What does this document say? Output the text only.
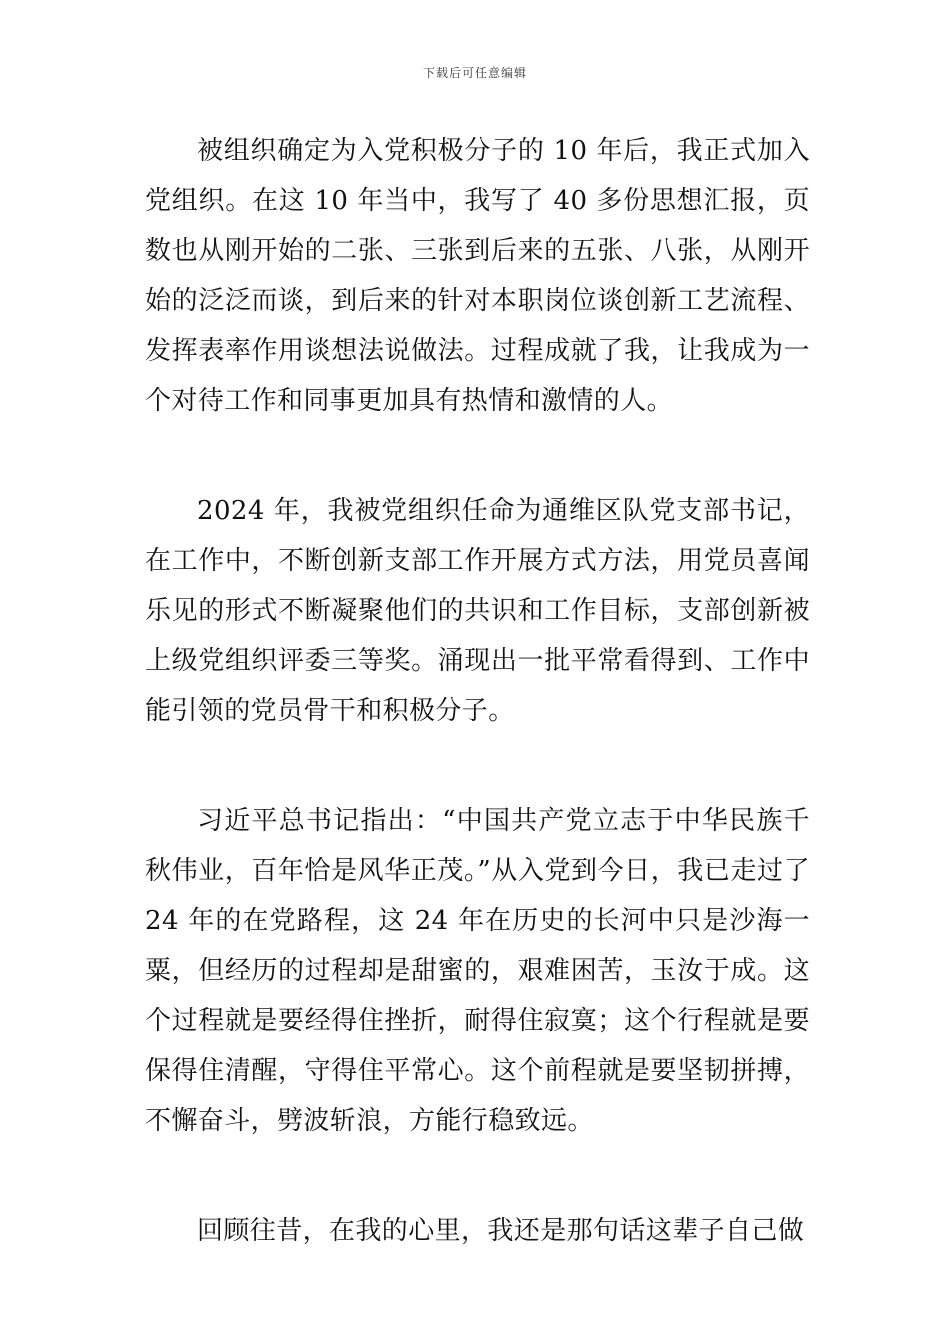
下载后可任意编辑

被组织确定为入党积极分子的 10 年后，我正式加入党组织。在这 10 年当中，我写了 40 多份思想汇报，页数也从刚开始的二张、三张到后来的五张、八张，从刚开始的泛泛而谈，到后来的针对本职岗位谈创新工艺流程、发挥表率作用谈想法说做法。过程成就了我，让我成为一个对待工作和同事更加具有热情和激情的人。

2024 年，我被党组织任命为通维区队党支部书记，在工作中，不断创新支部工作开展方式方法，用党员喜闻乐见的形式不断凝聚他们的共识和工作目标，支部创新被上级党组织评委三等奖。涌现出一批平常看得到、工作中能引领的党员骨干和积极分子。

习近平总书记指出：“中国共产党立志于中华民族千秋伟业，百年恰是风华正茂。”从入党到今日，我已走过了 24 年的在党路程，这 24 年在历史的长河中只是沙海一粟，但经历的过程却是甜蜜的，艰难困苦，玉汝于成。这个过程就是要经得住挫折，耐得住寂寞；这个行程就是要保得住清醒，守得住平常心。这个前程就是要坚韧拼搏，不懈奋斗，劈波斩浪，方能行稳致远。

回顾往昔，在我的心里，我还是那句话这辈子自己做
